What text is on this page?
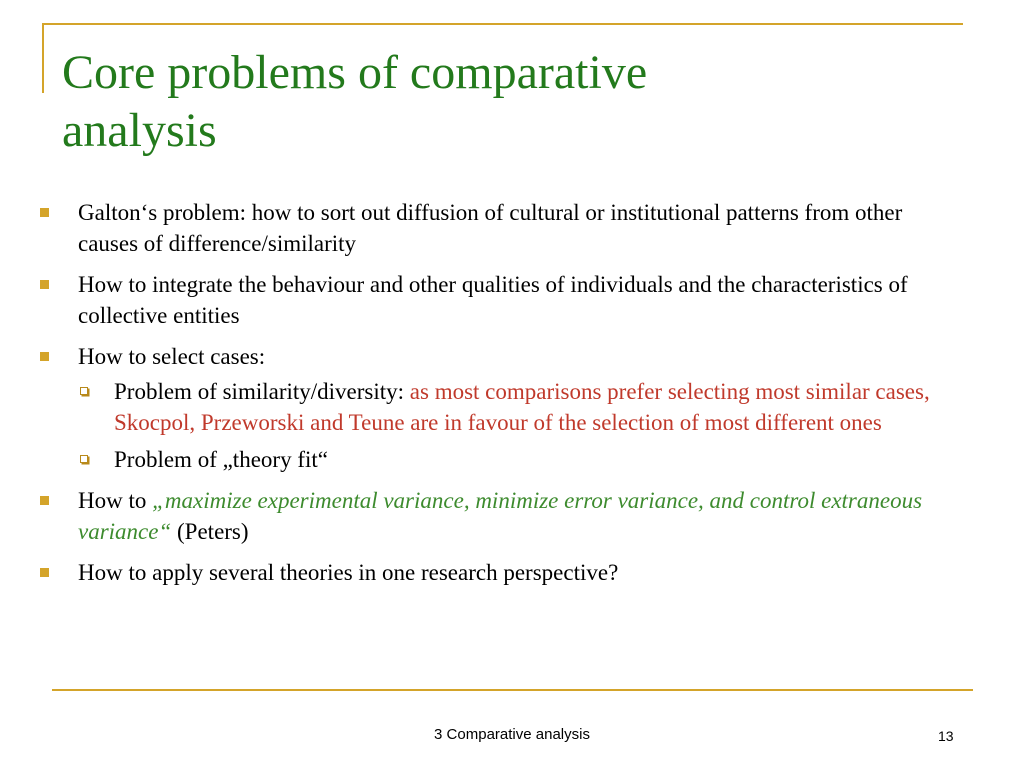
Core problems of comparative
analysis
Galton‘s problem: how to sort out diffusion of cultural or institutional patterns from other causes of difference/similarity
How to integrate the behaviour and other qualities of individuals and the characteristics of collective entities
How to select cases:
Problem of similarity/diversity: as most comparisons prefer selecting most similar cases, Skocpol, Przeworski and Teune are in favour of the selection of most different ones
Problem of „theory fit“
How to „maximize experimental variance, minimize error variance, and control extraneous variance“ (Peters)
How to apply several theories in one research perspective?
3 Comparative analysis	13
